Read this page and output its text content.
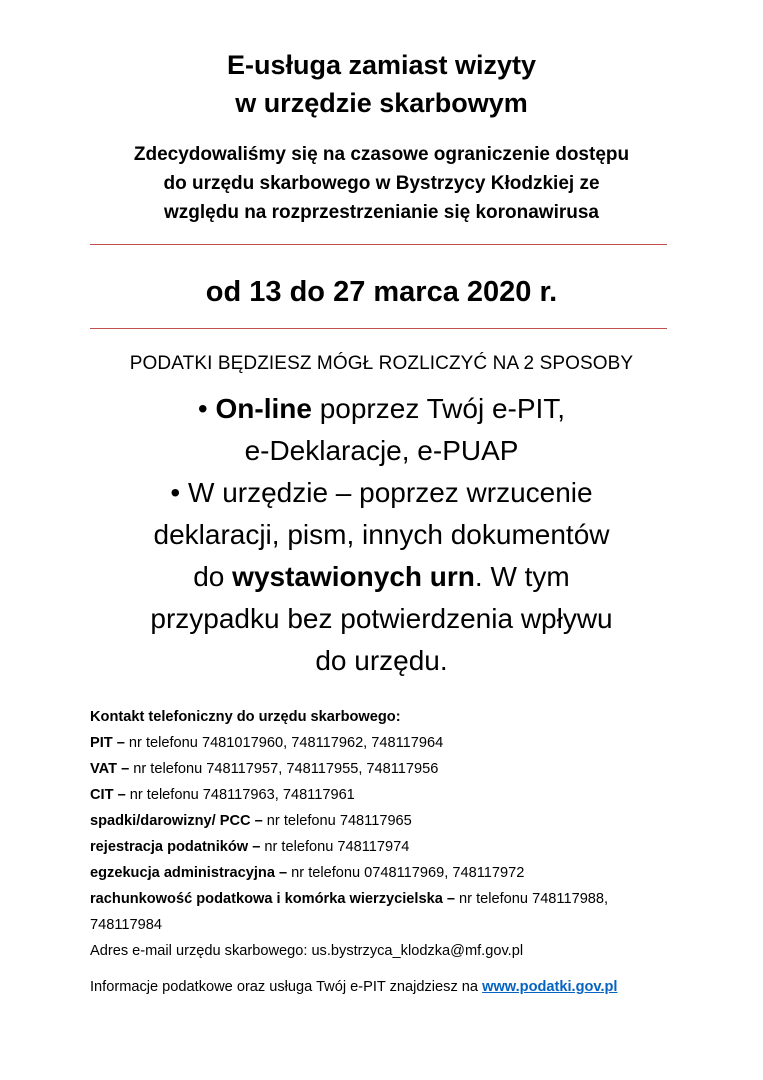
E-usługa zamiast wizyty
w urzędzie skarbowym
Zdecydowaliśmy się na czasowe ograniczenie dostępu
do urzędu skarbowego w Bystrzycy Kłodzkiej ze
względu na rozprzestrzenianie się koronawirusa
od 13 do 27 marca 2020 r.
PODATKI BĘDZIESZ MÓGŁ ROZLICZYĆ NA 2 SPOSOBY
• On-line poprzez Twój e-PIT,
e-Deklaracje, e-PUAP
• W urzędzie – poprzez wrzucenie
deklaracji, pism, innych dokumentów
do wystawionych urn. W tym
przypadku bez potwierdzenia wpływu
do urzędu.
Kontakt telefoniczny do urzędu skarbowego:
PIT – nr telefonu 7481017960, 748117962, 748117964
VAT – nr telefonu 748117957, 748117955, 748117956
CIT – nr telefonu 748117963, 748117961
spadki/darowizny/ PCC – nr telefonu 748117965
rejestracja podatników – nr telefonu 748117974
egzekucja administracyjna – nr telefonu 0748117969, 748117972
rachunkowość podatkowa i komórka wierzycielska – nr telefonu 748117988, 748117984
Adres e-mail urzędu skarbowego: us.bystrzyca_klodzka@mf.gov.pl
Informacje podatkowe oraz usługa Twój e-PIT znajdziesz na www.podatki.gov.pl
